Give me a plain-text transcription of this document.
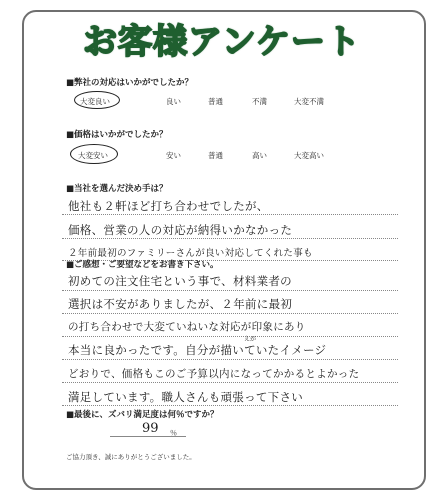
お客様アンケート
■弊社の対応はいかがでしたか？
大変良い	良い	普通	不満	大変不満
■価格はいかがでしたか？
大変安い	安い	普通	高い	大変高い
■当社を選んだ決め手は？
他社も２軒ほど打ち合わせでしたが、
価格、営業の人の対応が納得いかなかった
２年前最初のファミリーさんが良い対応してくれた事も
■ご感想・ご要望などをお書き下さい。
初めての注文住宅という事で、材料業者の
選択は不安がありましたが、２年前に最初
の打ち合わせで大変ていねいな対応が印象にあり
えが
本当に良かったです。自分が描いていたイメージ
どおりで、価格もこのご予算以内になってかかるとよかった
満足しています。職人さんも頑張って下さい
■最後に、ズバリ満足度は何％ですか？
99 ％
ご協力頂き、誠にありがとうございました。
